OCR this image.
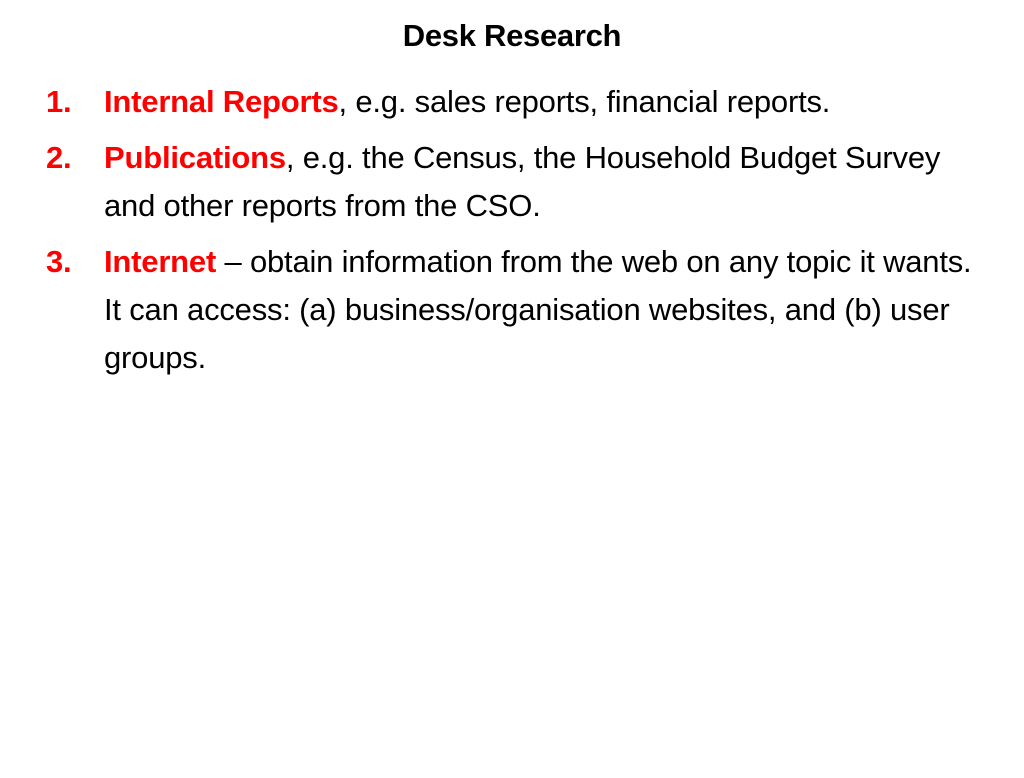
Desk Research
1. Internal Reports, e.g. sales reports, financial reports.
2. Publications, e.g. the Census, the Household Budget Survey and other reports from the CSO.
3. Internet – obtain information from the web on any topic it wants. It can access: (a) business/organisation websites, and (b) user groups.
